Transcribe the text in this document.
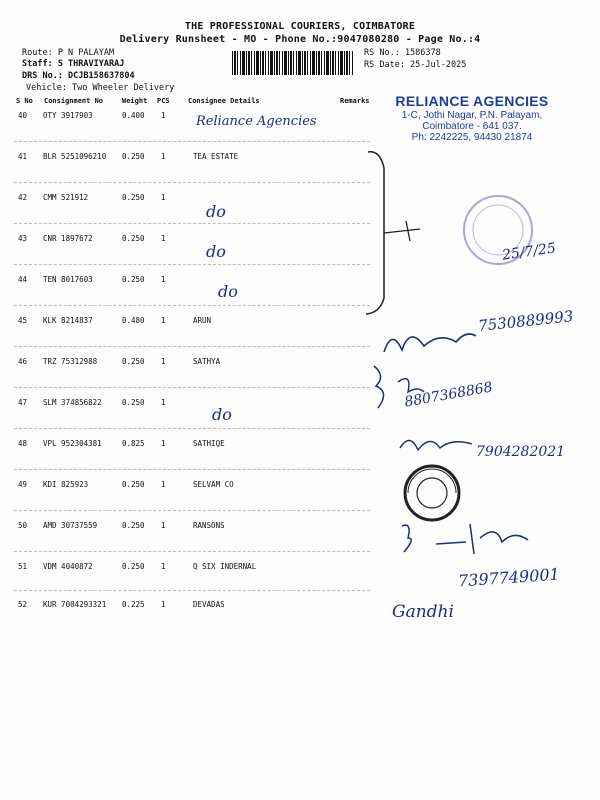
THE PROFESSIONAL COURIERS, COIMBATORE
Delivery Runsheet - MO - Phone No.:9047080280 - Page No.:4
Route: P N PALAYAM
Staff: S THRAVIYARAJ
DRS No.: DCJB158637804
Vehicle: Two Wheeler Delivery
RS No.: 1586378
RS Date: 25-Jul-2025
S No Consignment No	Weight PCS	Consignee Details	Remarks
40 OTY 3917903	0.400 1
41 BLR 5251096210 0.250 1	TEA ESTATE
42 CMM 521912	0.250 1
43 CNR 1897672	0.250 1
44 TEN 8017603	0.250 1
45 KLK 8214837	0.480 1	ARUN
46 TRZ 75312988	0.250 1	SATHYA
47 SLM 374856822	0.250 1
48 VPL 952304381	0.825 1	SATHIQE
49 KDI 825923	0.250 1	SELVAM CO
50 AMD 30737559	0.250 1	RANSONS
51 VDM 4040872	0.250 1	Q SIX INDERNAL
52 KUR 7004293321 0.225 1	DEVADAS
RELIANCE AGENCIES
1-C, Jothi Nagar, P.N. Palayam,
Coimbatore - 641 037.
Ph: 2242225, 94430 21874
Reliance Agencies
do
do
do
do
25/7/25
7530889993
8807368868
7904282021
7397749001
Gandhi
